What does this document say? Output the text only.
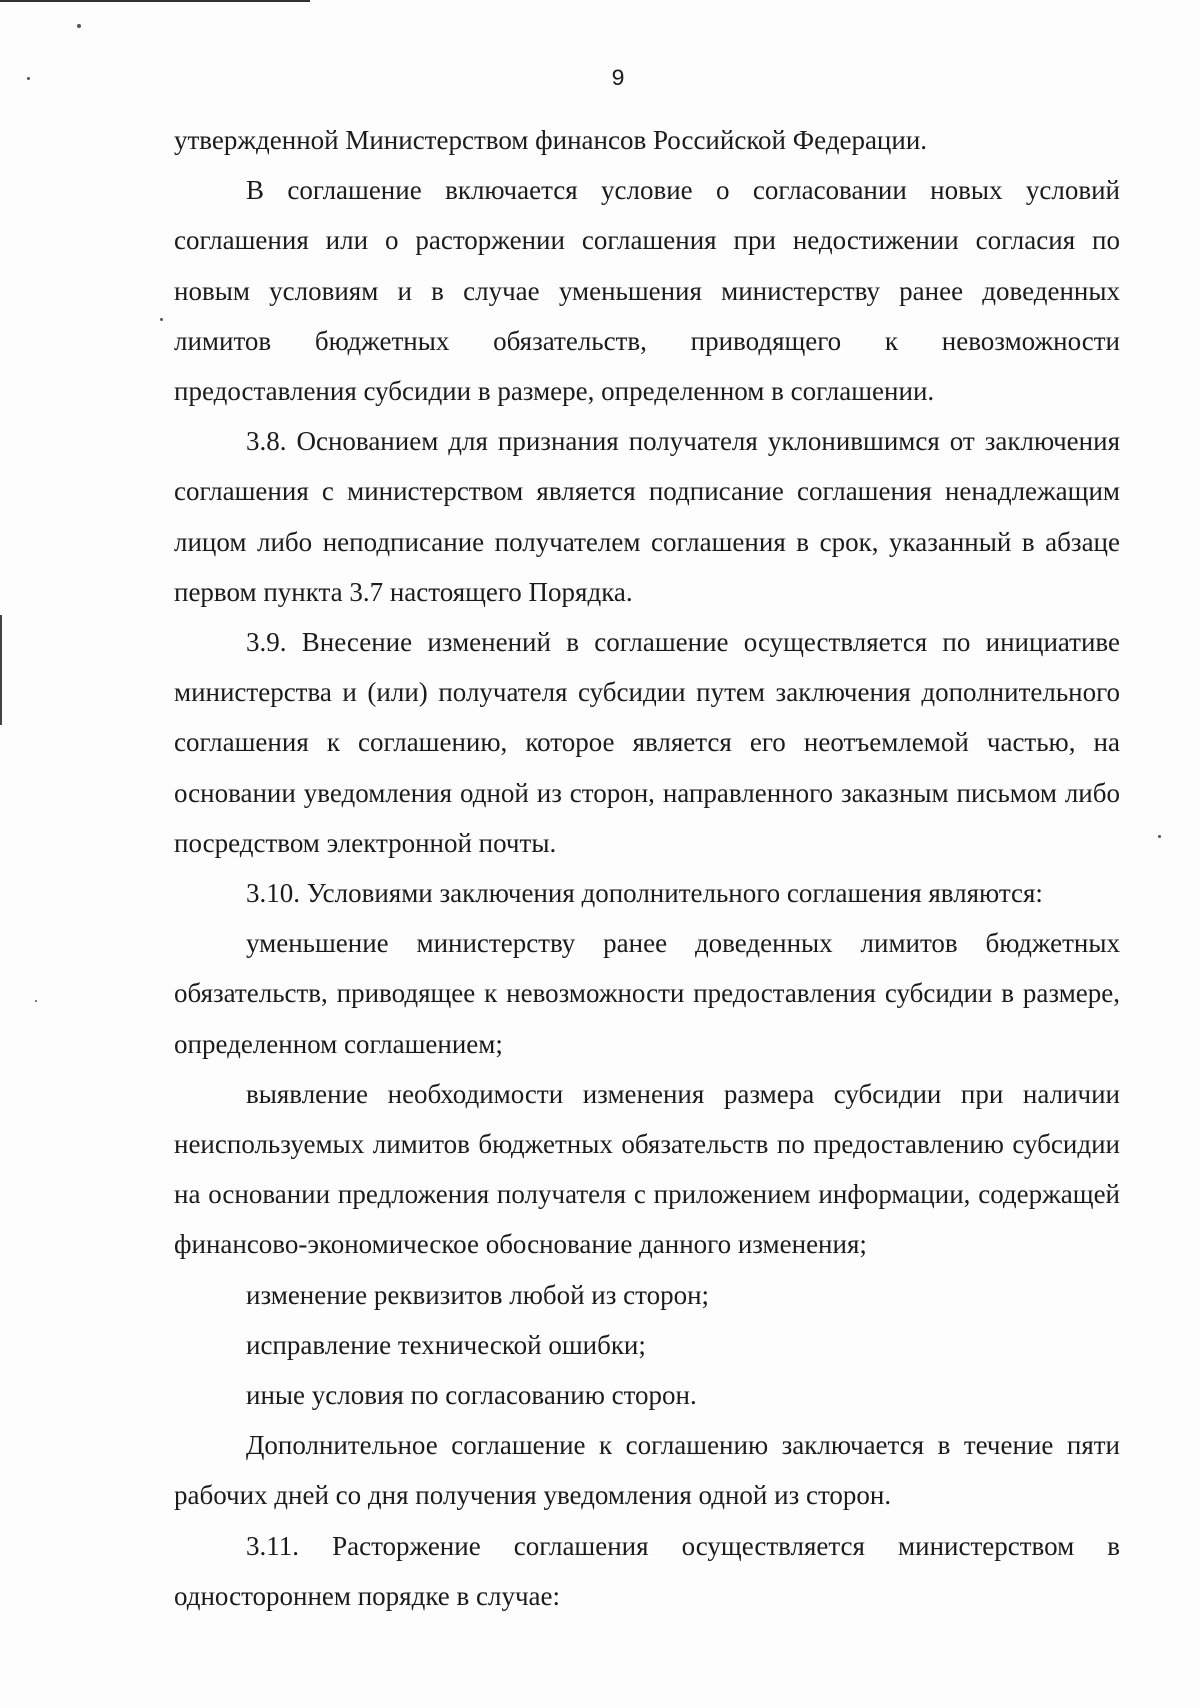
9

утвержденной Министерством финансов Российской Федерации.

В соглашение включается условие о согласовании новых условий соглашения или о расторжении соглашения при недостижении согласия по новым условиям и в случае уменьшения министерству ранее доведенных лимитов бюджетных обязательств, приводящего к невозможности предоставления субсидии в размере, определенном в соглашении.

3.8. Основанием для признания получателя уклонившимся от заключения соглашения с министерством является подписание соглашения ненадлежащим лицом либо неподписание получателем соглашения в срок, указанный в абзаце первом пункта 3.7 настоящего Порядка.

3.9. Внесение изменений в соглашение осуществляется по инициативе министерства и (или) получателя субсидии путем заключения дополнительного соглашения к соглашению, которое является его неотъемлемой частью, на основании уведомления одной из сторон, направленного заказным письмом либо посредством электронной почты.

3.10. Условиями заключения дополнительного соглашения являются:

уменьшение министерству ранее доведенных лимитов бюджетных обязательств, приводящее к невозможности предоставления субсидии в размере, определенном соглашением;

выявление необходимости изменения размера субсидии при наличии неиспользуемых лимитов бюджетных обязательств по предоставлению субсидии на основании предложения получателя с приложением информации, содержащей финансово-экономическое обоснование данного изменения;

изменение реквизитов любой из сторон;

исправление технической ошибки;

иные условия по согласованию сторон.

Дополнительное соглашение к соглашению заключается в течение пяти рабочих дней со дня получения уведомления одной из сторон.

3.11. Расторжение соглашения осуществляется министерством в одностороннем порядке в случае:
